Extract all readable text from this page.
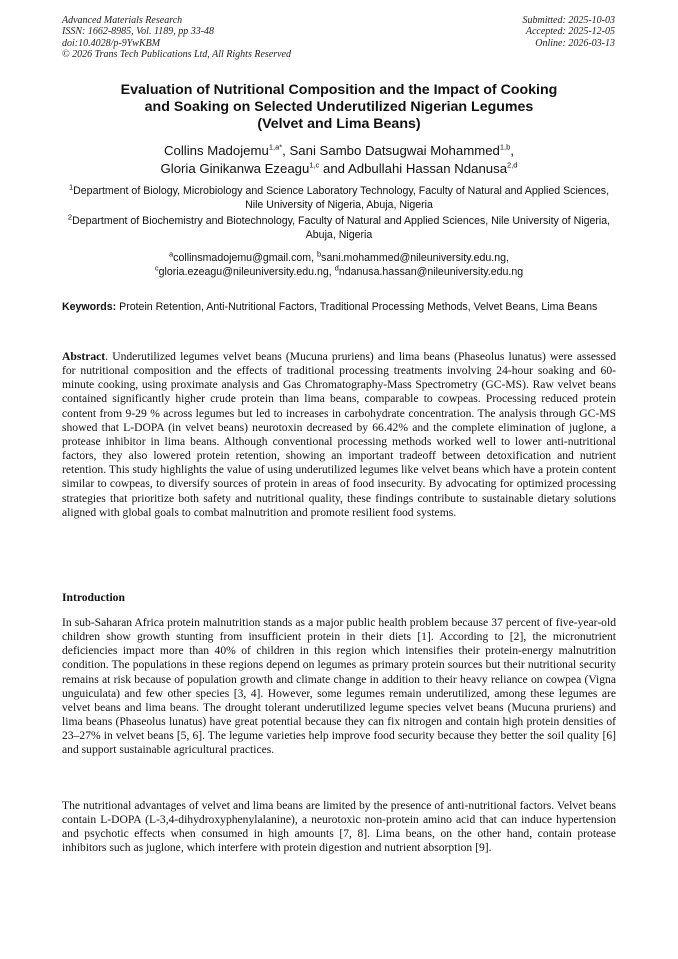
Advanced Materials Research
ISSN: 1662-8985, Vol. 1189, pp 33-48
doi:10.4028/p-9YwKBM
© 2026 Trans Tech Publications Ltd, All Rights Reserved
Submitted: 2025-10-03
Accepted: 2025-12-05
Online: 2026-03-13
Evaluation of Nutritional Composition and the Impact of Cooking
and Soaking on Selected Underutilized Nigerian Legumes
(Velvet and Lima Beans)
Collins Madojemu$^{1,a*}$, Sani Sambo Datsugwai Mohammed$^{1,b}$,
Gloria Ginikanwa Ezeagu$^{1,c}$ and Adbullahi Hassan Ndanusa$^{2,d}$
$^1$Department of Biology, Microbiology and Science Laboratory Technology, Faculty of Natural and Applied Sciences, Nile University of Nigeria, Abuja, Nigeria
$^2$Department of Biochemistry and Biotechnology, Faculty of Natural and Applied Sciences, Nile University of Nigeria, Abuja, Nigeria
$^a$collinsmadojemu@gmail.com, $^b$sani.mohammed@nileuniversity.edu.ng,
$^c$gloria.ezeagu@nileuniversity.edu.ng, $^d$ndanusa.hassan@nileuniversity.edu.ng
Keywords: Protein Retention, Anti-Nutritional Factors, Traditional Processing Methods, Velvet Beans, Lima Beans

Abstract. Underutilized legumes velvet beans (Mucuna pruriens) and lima beans (Phaseolus lunatus) were assessed for nutritional composition and the effects of traditional processing treatments involving 24-hour soaking and 60-minute cooking, using proximate analysis and Gas Chromatography-Mass Spectrometry (GC-MS). Raw velvet beans contained significantly higher crude protein than lima beans, comparable to cowpeas. Processing reduced protein content from 9-29 % across legumes but led to increases in carbohydrate concentration. The analysis through GC-MS showed that L-DOPA (in velvet beans) neurotoxin decreased by 66.42% and the complete elimination of juglone, a protease inhibitor in lima beans. Although conventional processing methods worked well to lower anti-nutritional factors, they also lowered protein retention, showing an important tradeoff between detoxification and nutrient retention. This study highlights the value of using underutilized legumes like velvet beans which have a protein content similar to cowpeas, to diversify sources of protein in areas of food insecurity. By advocating for optimized processing strategies that prioritize both safety and nutritional quality, these findings contribute to sustainable dietary solutions aligned with global goals to combat malnutrition and promote resilient food systems.

Introduction

In sub-Saharan Africa protein malnutrition stands as a major public health problem because 37 percent of five-year-old children show growth stunting from insufficient protein in their diets [1]. According to [2], the micronutrient deficiencies impact more than 40% of children in this region which intensifies their protein-energy malnutrition condition. The populations in these regions depend on legumes as primary protein sources but their nutritional security remains at risk because of population growth and climate change in addition to their heavy reliance on cowpea (Vigna unguiculata) and few other species [3, 4]. However, some legumes remain underutilized, among these legumes are velvet beans and lima beans. The drought tolerant underutilized legume species velvet beans (Mucuna pruriens) and lima beans (Phaseolus lunatus) have great potential because they can fix nitrogen and contain high protein densities of 23–27% in velvet beans [5, 6]. The legume varieties help improve food security because they better the soil quality [6] and support sustainable agricultural practices.

The nutritional advantages of velvet and lima beans are limited by the presence of anti-nutritional factors. Velvet beans contain L-DOPA (L-3,4-dihydroxyphenylalanine), a neurotoxic non-protein amino acid that can induce hypertension and psychotic effects when consumed in high amounts [7, 8]. Lima beans, on the other hand, contain protease inhibitors such as juglone, which interfere with protein digestion and nutrient absorption [9].
